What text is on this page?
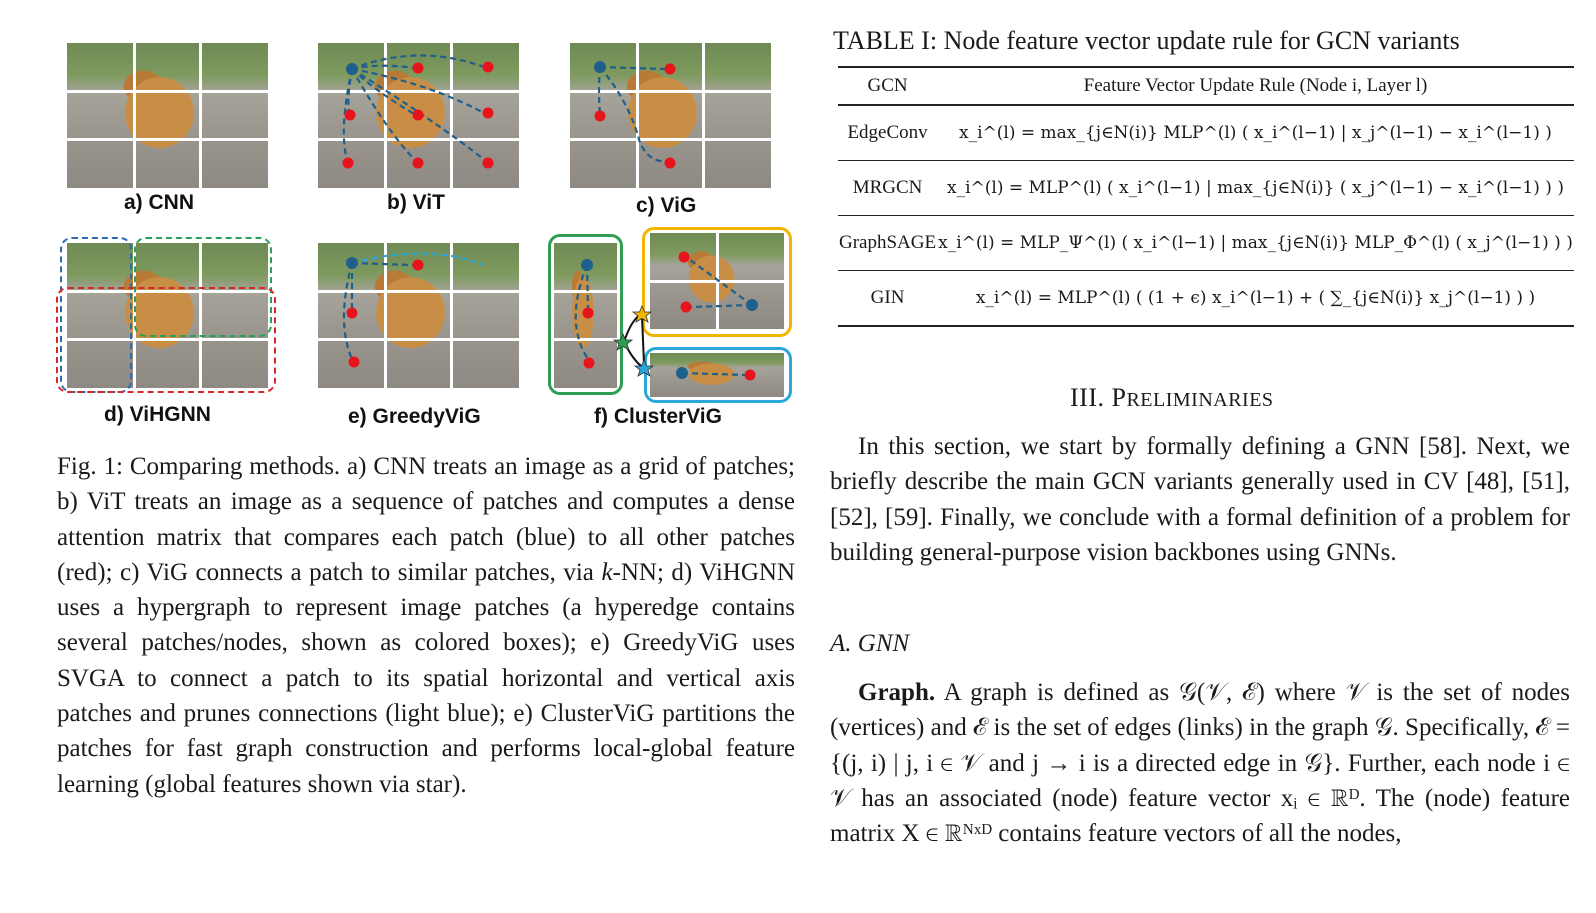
a) CNN	b) ViT	c) ViG
d) ViHGNN	e) GreedyViG	f) ClusterViG
Fig. 1: Comparing methods. a) CNN treats an image as a grid of patches; b) ViT treats an image as a sequence of patches and computes a dense attention matrix that compares each patch (blue) to all other patches (red); c) ViG connects a patch to similar patches, via k-NN; d) ViHGNN uses a hypergraph to represent image patches (a hyperedge contains several patches/nodes, shown as colored boxes); e) GreedyViG uses SVGA to connect a patch to its spatial horizontal and vertical axis patches and prunes connections (light blue); e) ClusterViG partitions the patches for fast graph construction and performs local-global feature learning (global features shown via star).
TABLE I: Node feature vector update rule for GCN variants
GCN	Feature Vector Update Rule (Node i, Layer l)
EdgeConv	x_i^(l) = max_{j∈N(i)} MLP^(l) ( x_i^(l−1) | x_j^(l−1) − x_i^(l−1) )
MRGCN	x_i^(l) = MLP^(l) ( x_i^(l−1) | max_{j∈N(i)} ( x_j^(l−1) − x_i^(l−1) ) )
GraphSAGE	x_i^(l) = MLP_Ψ^(l) ( x_i^(l−1) | max_{j∈N(i)} MLP_Φ^(l) ( x_j^(l−1) ) )
GIN	x_i^(l) = MLP^(l) ( (1 + ϵ) x_i^(l−1) + ( ∑_{j∈N(i)} x_j^(l−1) ) )
III. PRELIMINARIES
In this section, we start by formally defining a GNN [58]. Next, we briefly describe the main GCN variants generally used in CV [48], [51], [52], [59]. Finally, we conclude with a formal definition of a problem for building general-purpose vision backbones using GNNs.
A. GNN
Graph. A graph is defined as 𝒢(𝒱, ℰ) where 𝒱 is the set of nodes (vertices) and ℰ is the set of edges (links) in the graph 𝒢. Specifically, ℰ = {(j, i) | j, i ∈ 𝒱 and j → i is a directed edge in 𝒢}. Further, each node i ∈ 𝒱 has an associated (node) feature vector xᵢ ∈ ℝᴰ. The (node) feature matrix X ∈ ℝᴺˣᴰ contains feature vectors of all the nodes,
